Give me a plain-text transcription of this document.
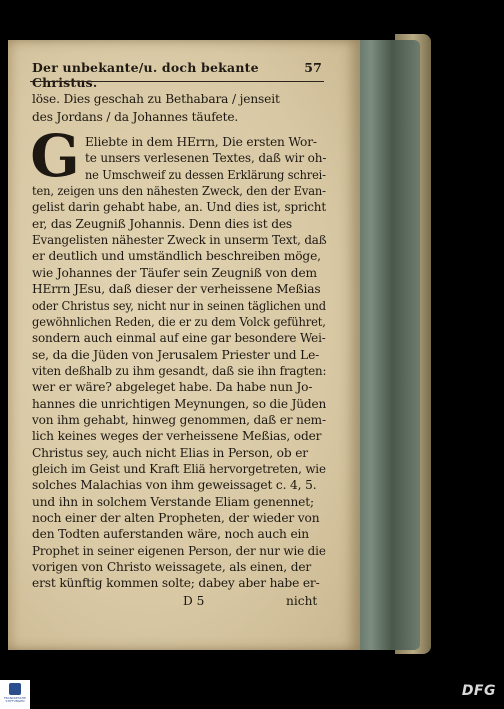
Der unbekante/u. doch bekante Christus.
57
löse. Dies geschah zu Bethabara / jenseit
des Jordans / da Johannes täufete.
G Eliebte in dem HErrn, Die ersten Wor-
te unsers verlesenen Textes, daß wir oh-
ne Umschweif zu dessen Erklärung schrei-
ten, zeigen uns den nähesten Zweck, den der Evan-
gelist darin gehabt habe, an. Und dies ist, spricht
er, das Zeugniß Johannis. Denn dies ist des
Evangelisten nähester Zweck in unserm Text, daß
er deutlich und umständlich beschreiben möge,
wie Johannes der Täufer sein Zeugniß von dem
HErrn JEsu, daß dieser der verheissene Meßias
oder Christus sey, nicht nur in seinen täglichen und
gewöhnlichen Reden, die er zu dem Volck geführet,
sondern auch einmal auf eine gar besondere Wei-
se, da die Jüden von Jerusalem Priester und Le-
viten deßhalb zu ihm gesandt, daß sie ihn fragten:
wer er wäre? abgeleget habe. Da habe nun Jo-
hannes die unrichtigen Meynungen, so die Jüden
von ihm gehabt, hinweg genommen, daß er nem-
lich keines weges der verheissene Meßias, oder
Christus sey, auch nicht Elias in Person, ob er
gleich im Geist und Kraft Eliä hervorgetreten, wie
solches Malachias von ihm geweissaget c. 4, 5.
und ihn in solchem Verstande Eliam genennet;
noch einer der alten Propheten, der wieder von
den Todten auferstanden wäre, noch auch ein
Prophet in seiner eigenen Person, der nur wie die
vorigen von Christo weissagete, als einen, der
erst künftig kommen solte; dabey aber habe er-
D 5	nicht
FRANCKESCHE STIFTUNGEN
DFG
